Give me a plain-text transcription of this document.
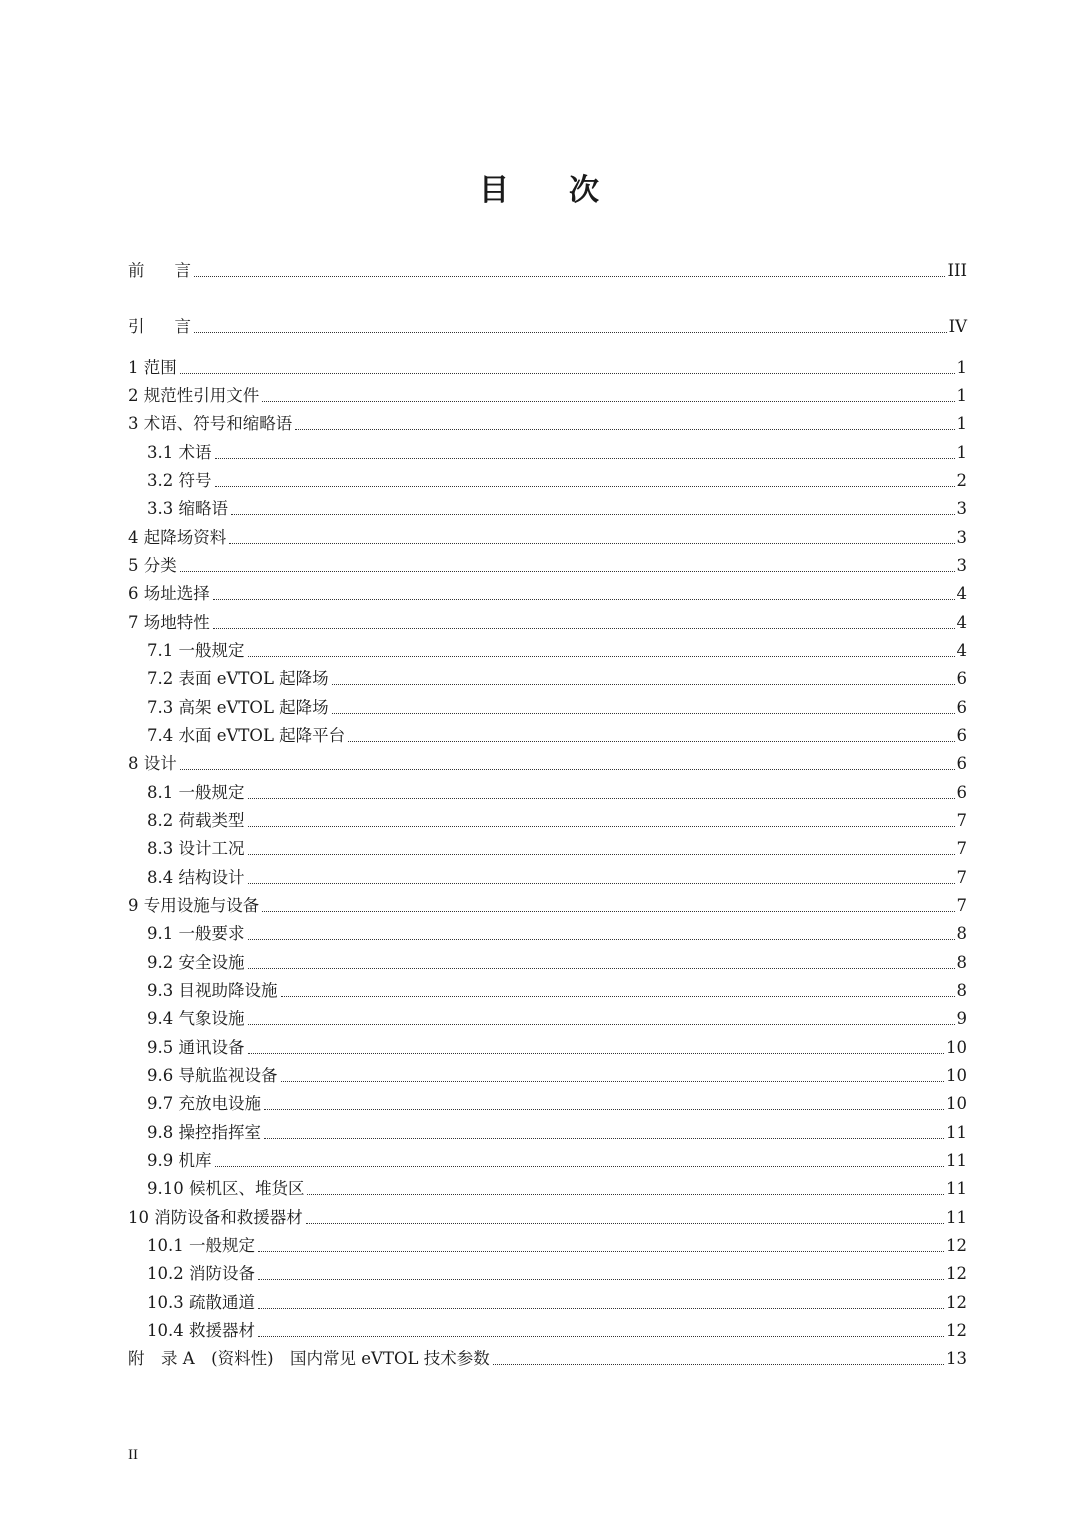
目 次
前 言	III
引 言	IV
1 范围	1
2 规范性引用文件	1
3 术语、符号和缩略语	1
3.1 术语	1
3.2 符号	2
3.3 缩略语	3
4 起降场资料	3
5 分类	3
6 场址选择	4
7 场地特性	4
7.1 一般规定	4
7.2 表面 eVTOL 起降场	6
7.3 高架 eVTOL 起降场	6
7.4 水面 eVTOL 起降平台	6
8 设计	6
8.1 一般规定	6
8.2 荷载类型	7
8.3 设计工况	7
8.4 结构设计	7
9 专用设施与设备	7
9.1 一般要求	8
9.2 安全设施	8
9.3 目视助降设施	8
9.4 气象设施	9
9.5 通讯设备	10
9.6 导航监视设备	10
9.7 充放电设施	10
9.8 操控指挥室	11
9.9 机库	11
9.10 候机区、堆货区	11
10 消防设备和救援器材	11
10.1 一般规定	12
10.2 消防设备	12
10.3 疏散通道	12
10.4 救援器材	12
附　录 A　(资料性)　国内常见 eVTOL 技术参数	13
II
